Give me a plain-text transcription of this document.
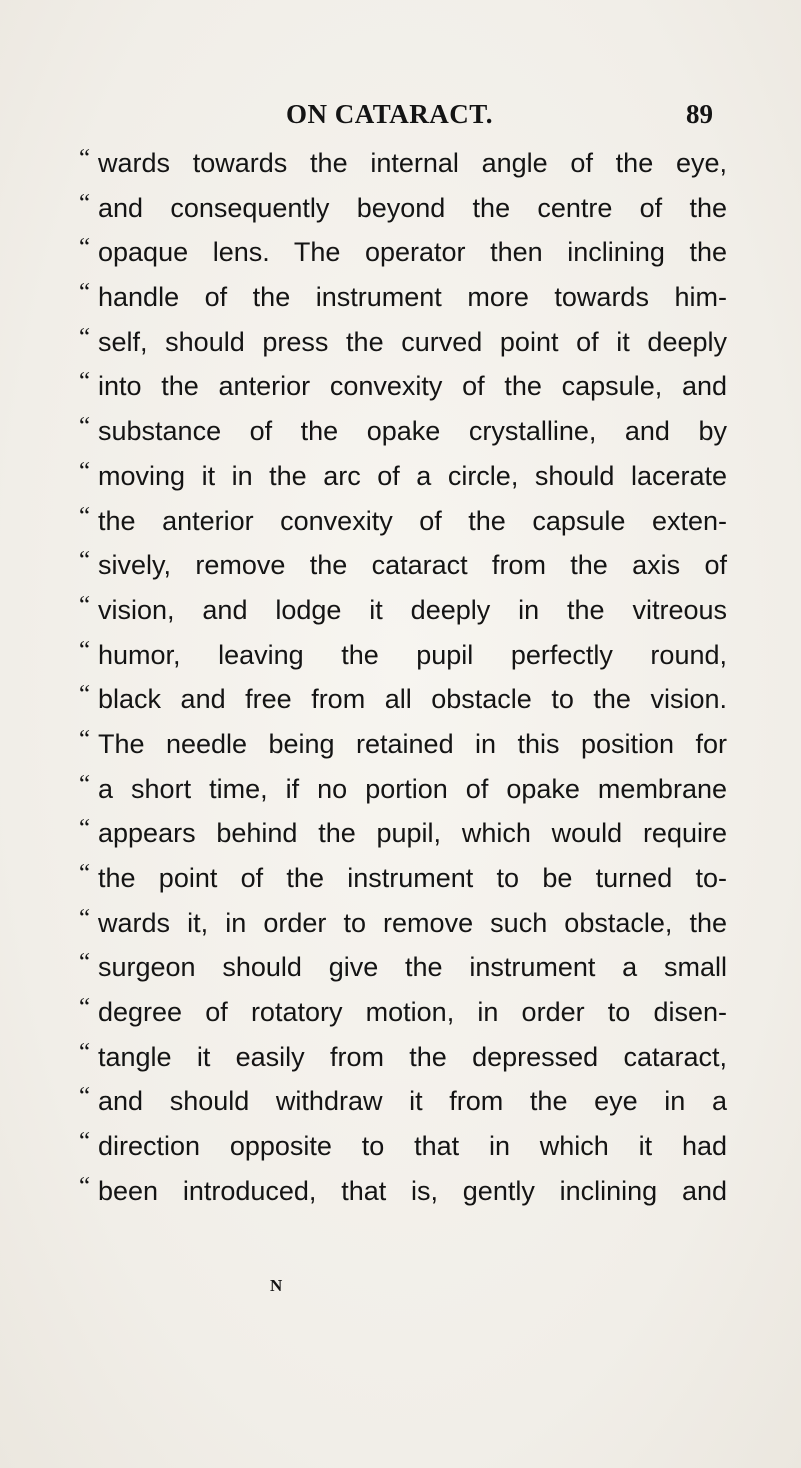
ON CATARACT.	89
“ wards towards the internal angle of the eye,
“ and consequently beyond the centre of the
“ opaque lens. The operator then inclining the
“ handle of the instrument more towards him-
“ self, should press the curved point of it deeply
“ into the anterior convexity of the capsule, and
“ substance of the opake crystalline, and by
“ moving it in the arc of a circle, should lacerate
“ the anterior convexity of the capsule exten-
“ sively, remove the cataract from the axis of
“ vision, and lodge it deeply in the vitreous
“ humor, leaving the pupil perfectly round,
“ black and free from all obstacle to the vision.
“ The needle being retained in this position for
“ a short time, if no portion of opake membrane
“ appears behind the pupil, which would require
“ the point of the instrument to be turned to-
“ wards it, in order to remove such obstacle, the
“ surgeon should give the instrument a small
“ degree of rotatory motion, in order to disen-
“ tangle it easily from the depressed cataract,
“ and should withdraw it from the eye in a
“ direction opposite to that in which it had
“ been introduced, that is, gently inclining and
N
